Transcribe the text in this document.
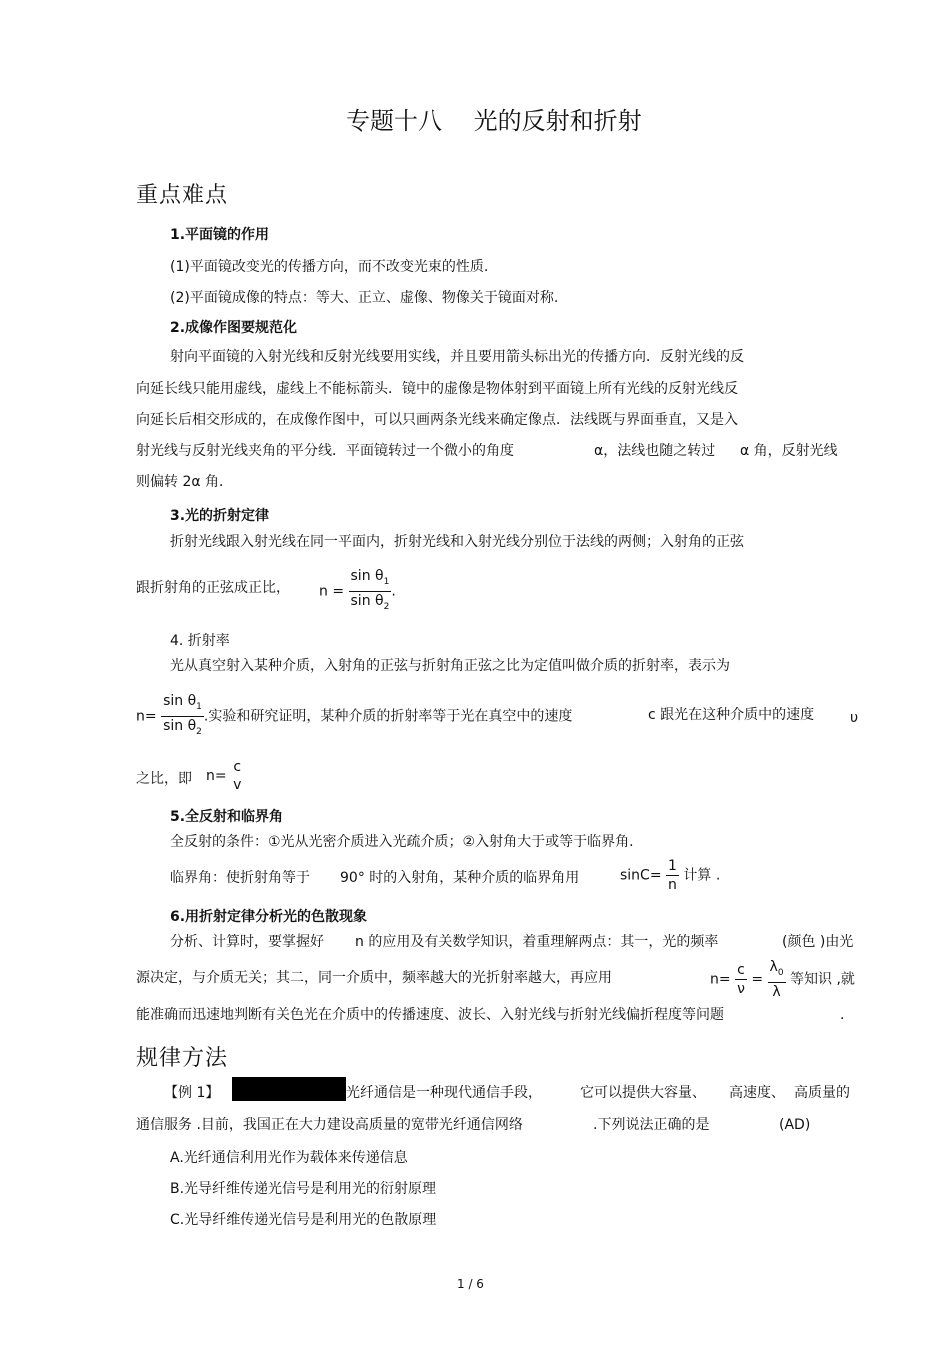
专题十八　 光的反射和折射
重点难点
1.平面镜的作用
(1)平面镜改变光的传播方向，而不改变光束的性质.
(2)平面镜成像的特点：等大、正立、虚像、物像关于镜面对称.
2.成像作图要规范化
射向平面镜的入射光线和反射光线要用实线，并且要用箭头标出光的传播方向．反射光线的反
向延长线只能用虚线，虚线上不能标箭头．镜中的虚像是物体射到平面镜上所有光线的反射光线反
向延长后相交形成的，在成像作图中，可以只画两条光线来确定像点．法线既与界面垂直，又是入
射光线与反射光线夹角的平分线．平面镜转过一个微小的角度	α，法线也随之转过 α 角，反射光线
则偏转 2α 角．
3.光的折射定律
折射光线跟入射光线在同一平面内，折射光线和入射光线分别位于法线的两侧；入射角的正弦
跟折射角的正弦成正比， $n = \frac{\sin \theta_1}{\sin \theta_2}$ .
4. 折射率
光从真空射入某种介质，入射角的正弦与折射角正弦之比为定值叫做介质的折射率，表示为
$n= \frac{\sin \theta_1}{\sin \theta_2}$ .实验和研究证明，某种介质的折射率等于光在真空中的速度	c 跟光在这种介质中的速度	υ
之比，即 n=
c
v
5.全反射和临界角
全反射的条件：①光从光密介质进入光疏介质；②入射角大于或等于临界角.
临界角：使折射角等于 90° 时的入射角，某种介质的临界角用	$\sin C= \frac{1}{n}$ 计算 .
6.用折射定律分析光的色散现象
分析、计算时，要掌握好 n 的应用及有关数学知识，着重理解两点：其一，光的频率	(颜色 )由光
源决定，与介质无关；其二，同一介质中，频率越大的光折射率越大，再应用	$n= \frac{c}{\nu} = \frac{\lambda_0}{\lambda}$ 等知识 ,就
能准确而迅速地判断有关色光在介质中的传播速度、波长、入射光线与折射光线偏折程度等问题	.
规律方法
【例 1】	光纤通信是一种现代通信手段，	它可以提供大容量、 高速度、 高质量的
通信服务 .目前，我国正在大力建设高质量的宽带光纤通信网络	.下列说法正确的是	(AD)
A.光纤通信利用光作为载体来传递信息
B.光导纤维传递光信号是利用光的衍射原理
C.光导纤维传递光信号是利用光的色散原理
1 / 6
